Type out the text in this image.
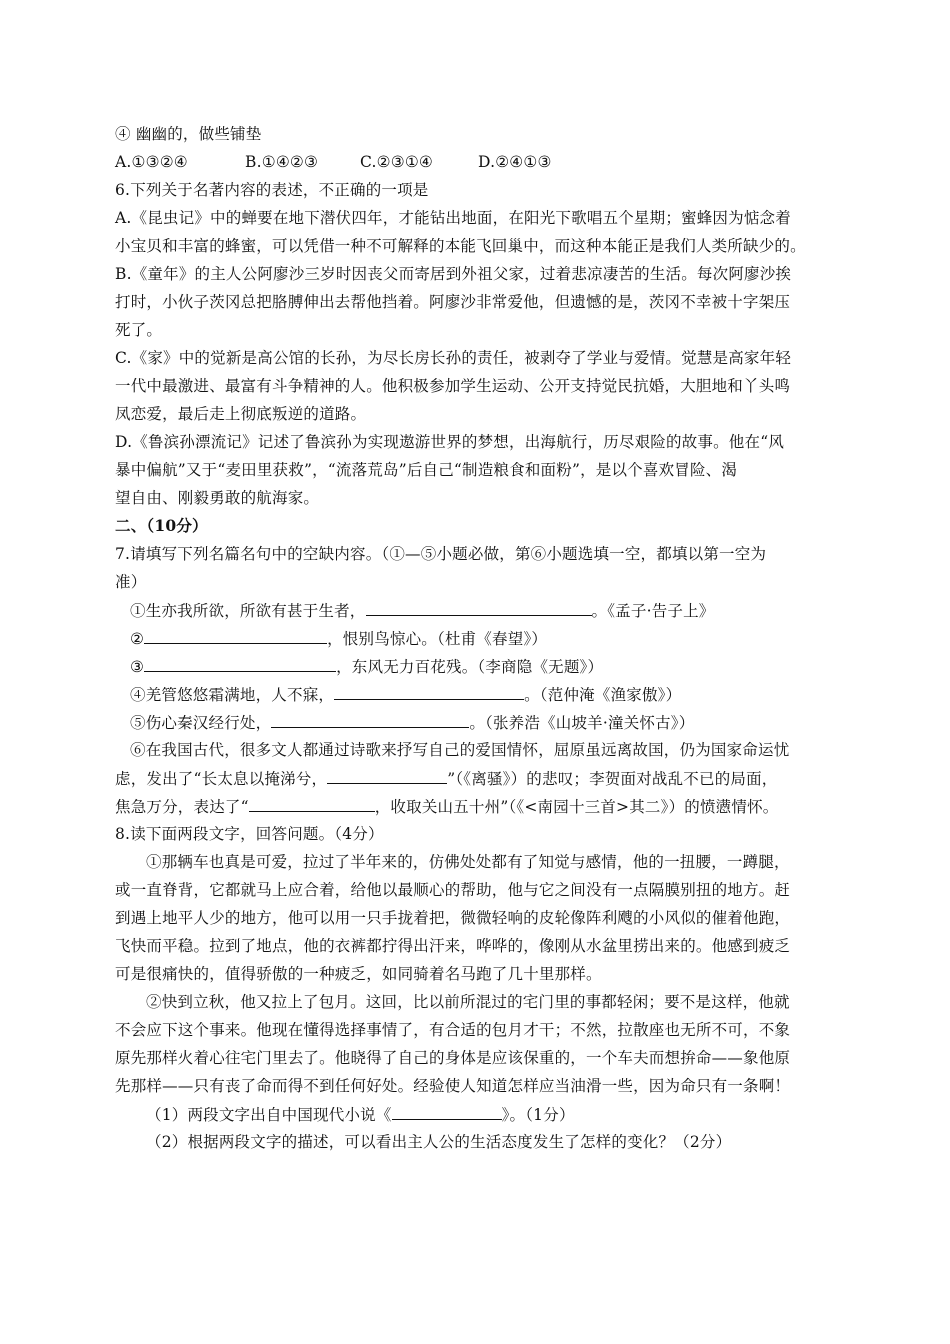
④ 幽幽的，做些铺垫
A.①③②④	B.①④②③	C.②③①④	D.②④①③
6.下列关于名著内容的表述，不正确的一项是
A.《昆虫记》中的蝉要在地下潜伏四年，才能钻出地面，在阳光下歌唱五个星期；蜜蜂因为惦念着
小宝贝和丰富的蜂蜜，可以凭借一种不可解释的本能飞回巢中，而这种本能正是我们人类所缺少的。
B.《童年》的主人公阿廖沙三岁时因丧父而寄居到外祖父家，过着悲凉凄苦的生活。每次阿廖沙挨
打时，小伙子茨冈总把胳膊伸出去帮他挡着。阿廖沙非常爱他，但遗憾的是，茨冈不幸被十字架压
死了。
C.《家》中的觉新是高公馆的长孙，为尽长房长孙的责任，被剥夺了学业与爱情。觉慧是高家年轻
一代中最激进、最富有斗争精神的人。他积极参加学生运动、公开支持觉民抗婚，大胆地和丫头鸣
凤恋爱，最后走上彻底叛逆的道路。
D.《鲁滨孙漂流记》记述了鲁滨孙为实现遨游世界的梦想，出海航行，历尽艰险的故事。他在“风
暴中偏航”又于“麦田里获救”，“流落荒岛”后自己“制造粮食和面粉”，是以个喜欢冒险、渴
望自由、刚毅勇敢的航海家。
二、（10分）
7.请填写下列名篇名句中的空缺内容。（①—⑤小题必做，第⑥小题选填一空，都填以第一空为
准）
①生亦我所欲，所欲有甚于生者，	。《孟子·告子上》
②	，恨别鸟惊心。（杜甫《春望》）
③	，东风无力百花残。（李商隐《无题》）
④羌管悠悠霜满地，人不寐，	。（范仲淹《渔家傲》）
⑤伤心秦汉经行处，	。（张养浩《山坡羊·潼关怀古》）
⑥在我国古代，很多文人都通过诗歌来抒写自己的爱国情怀，屈原虽远离故国，仍为国家命运忧
虑，发出了“长太息以掩涕兮，	”（《离骚》）的悲叹；李贺面对战乱不已的局面，
焦急万分，表达了“	，收取关山五十州”（《<南园十三首>其二》）的愤懑情怀。
8.读下面两段文字，回答问题。（4分）
①那辆车也真是可爱，拉过了半年来的，仿佛处处都有了知觉与感情，他的一扭腰，一蹲腿，
或一直脊背，它都就马上应合着，给他以最顺心的帮助，他与它之间没有一点隔膜别扭的地方。赶
到遇上地平人少的地方，他可以用一只手拢着把，微微轻响的皮轮像阵利飕的小风似的催着他跑，
飞快而平稳。拉到了地点，他的衣裤都拧得出汗来，哗哗的，像刚从水盆里捞出来的。他感到疲乏
可是很痛快的，值得骄傲的一种疲乏，如同骑着名马跑了几十里那样。
②快到立秋，他又拉上了包月。这回，比以前所混过的宅门里的事都轻闲；要不是这样，他就
不会应下这个事来。他现在懂得选择事情了，有合适的包月才干；不然，拉散座也无所不可，不象
原先那样火着心往宅门里去了。他晓得了自己的身体是应该保重的，一个车夫而想拚命——象他原
先那样——只有丧了命而得不到任何好处。经验使人知道怎样应当油滑一些，因为命只有一条啊！
（1）两段文字出自中国现代小说《	》。（1分）
（2）根据两段文字的描述，可以看出主人公的生活态度发生了怎样的变化？（2分）
